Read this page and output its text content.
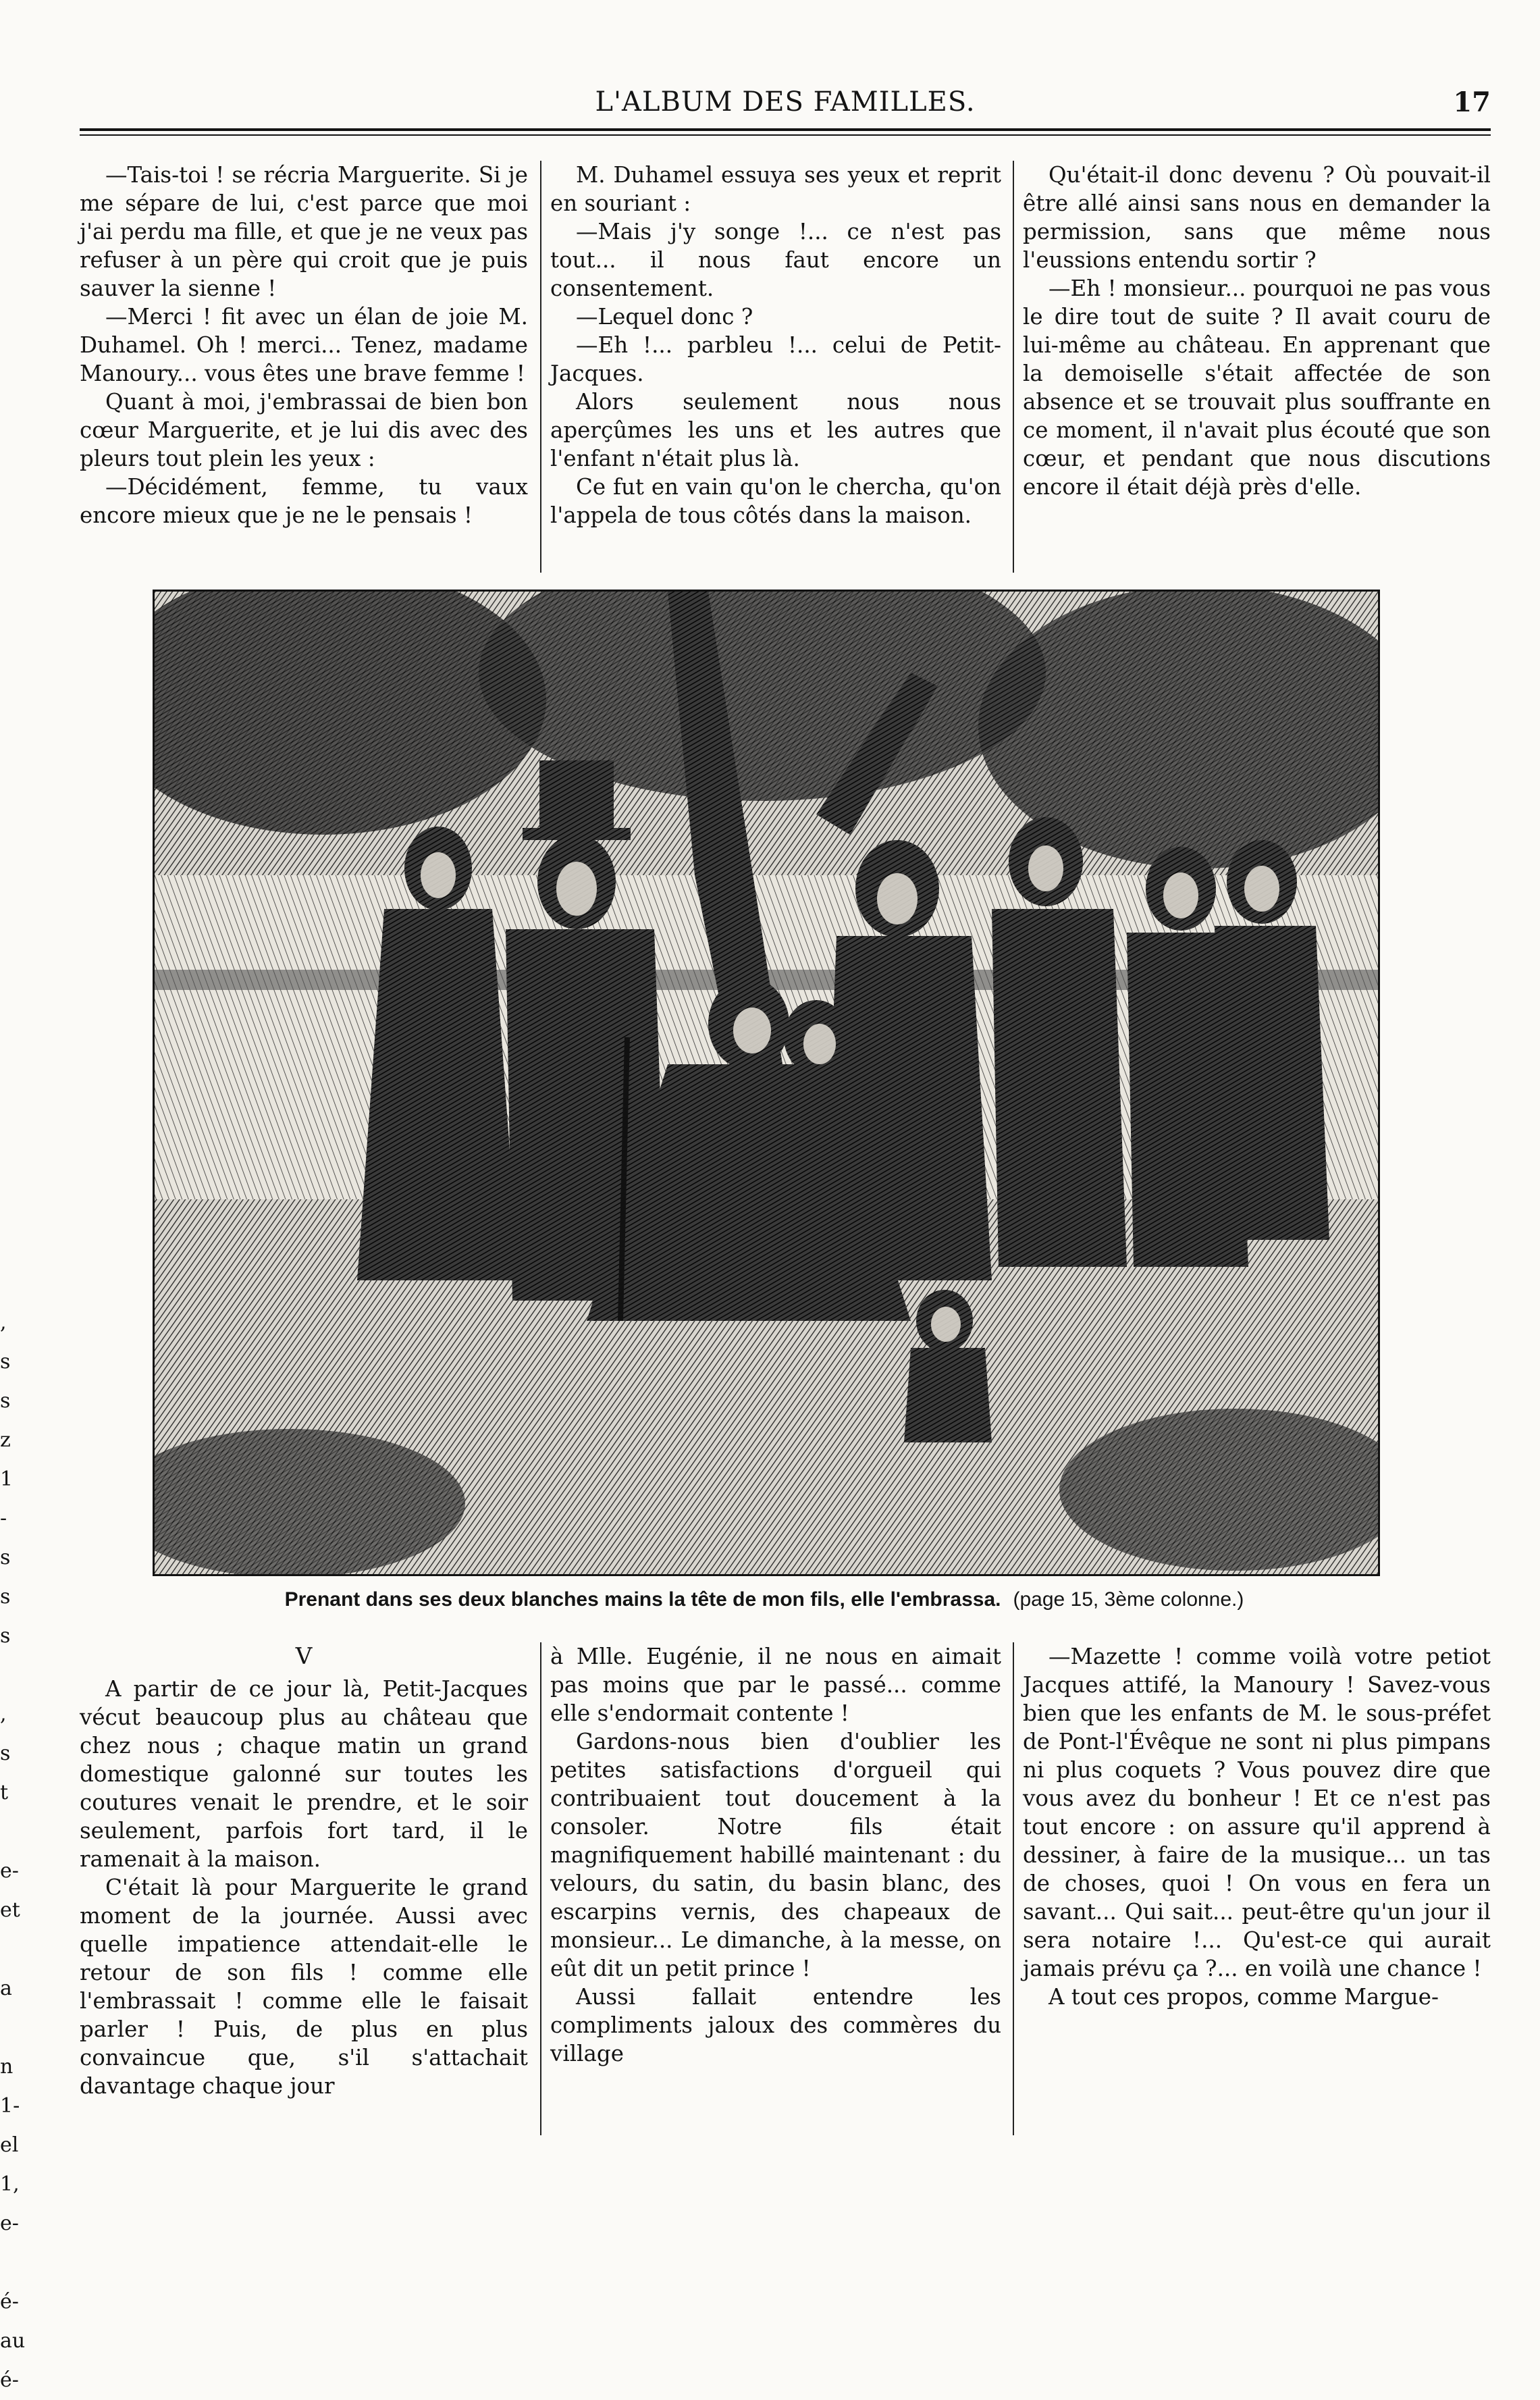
L'ALBUM DES FAMILLES.	17

—Tais-toi ! se récria Marguerite. Si je me sépare de lui, c'est parce que moi j'ai perdu ma fille, et que je ne veux pas refuser à un père qui croit que je puis sauver la sienne !

—Merci ! fit avec un élan de joie M. Duhamel. Oh ! merci... Tenez, madame Manoury... vous êtes une brave femme !

Quant à moi, j'embrassai de bien bon cœur Marguerite, et je lui dis avec des pleurs tout plein les yeux :

—Décidément, femme, tu vaux encore mieux que je ne le pensais !

M. Duhamel essuya ses yeux et reprit en souriant :

—Mais j'y songe !... ce n'est pas tout... il nous faut encore un consentement.

—Lequel donc ?

—Eh !... parbleu !... celui de Petit-Jacques.

Alors seulement nous nous aperçûmes les uns et les autres que l'enfant n'était plus là.

Ce fut en vain qu'on le chercha, qu'on l'appela de tous côtés dans la maison.

Qu'était-il donc devenu ? Où pouvait-il être allé ainsi sans nous en demander la permission, sans que même nous l'eussions entendu sortir ?

—Eh ! monsieur... pourquoi ne pas vous le dire tout de suite ? Il avait couru de lui-même au château. En apprenant que la demoiselle s'était affectée de son absence et se trouvait plus souffrante en ce moment, il n'avait plus écouté que son cœur, et pendant que nous discutions encore il était déjà près d'elle.

Prenant dans ses deux blanches mains la tête de mon fils, elle l'embrassa. (page 15, 3ème colonne.)

V

A partir de ce jour là, Petit-Jacques vécut beaucoup plus au château que chez nous ; chaque matin un grand domestique galonné sur toutes les coutures venait le prendre, et le soir seulement, parfois fort tard, il le ramenait à la maison.

C'était là pour Marguerite le grand moment de la journée. Aussi avec quelle impatience attendait-elle le retour de son fils ! comme elle l'embrassait ! comme elle le faisait parler ! Puis, de plus en plus convaincue que, s'il s'attachait davantage chaque jour

à Mlle. Eugénie, il ne nous en aimait pas moins que par le passé... comme elle s'endormait contente !

Gardons-nous bien d'oublier les petites satisfactions d'orgueil qui contribuaient tout doucement à la consoler. Notre fils était magnifiquement habillé maintenant : du velours, du satin, du basin blanc, des escarpins vernis, des chapeaux de monsieur... Le dimanche, à la messe, on eût dit un petit prince !

Aussi fallait entendre les compliments jaloux des commères du village

—Mazette ! comme voilà votre petiot Jacques attifé, la Manoury ! Savez-vous bien que les enfants de M. le sous-préfet de Pont-l'Évêque ne sont ni plus pimpans ni plus coquets ? Vous pouvez dire que vous avez du bonheur ! Et ce n'est pas tout encore : on assure qu'il apprend à dessiner, à faire de la musique... un tas de choses, quoi ! On vous en fera un savant... Qui sait... peut-être qu'un jour il sera notaire !... Qu'est-ce qui aurait jamais prévu ça ?... en voilà une chance !

A tout ces propos, comme Margue-

,
s
s
z
1
-
s
s
s
,
s
t
e-
et
a
n
1-
el
1,
e-
é-
au
é-
